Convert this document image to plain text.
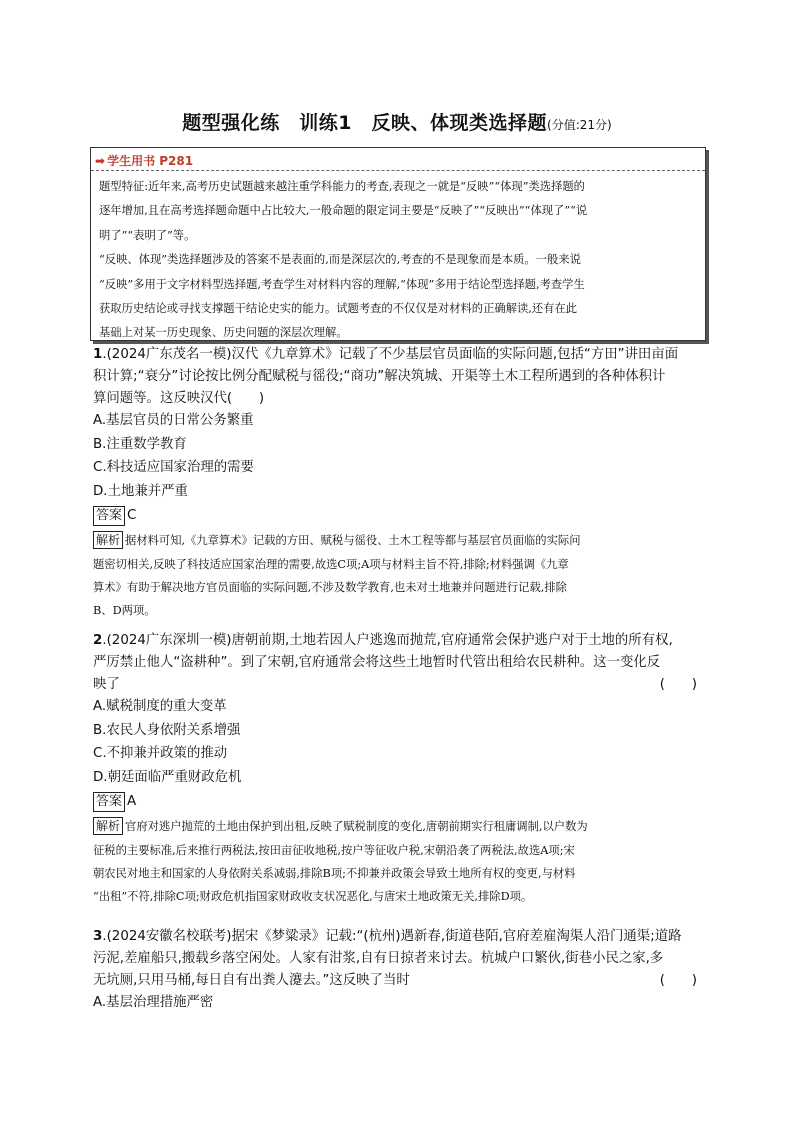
题型强化练　训练1　反映、体现类选择题(分值:21分)
➡ 学生用书 P281

题型特征:近年来,高考历史试题越来越注重学科能力的考查,表现之一就是“反映”“体现”类选择题的

逐年增加,且在高考选择题命题中占比较大,一般命题的限定词主要是“反映了”“反映出”“体现了”“说

明了”“表明了”等。

“反映、体现”类选择题涉及的答案不是表面的,而是深层次的,考查的不是现象而是本质。一般来说

“反映”多用于文字材料型选择题,考查学生对材料内容的理解,“体现”多用于结论型选择题,考查学生

获取历史结论或寻找支撑题干结论史实的能力。试题考查的不仅仅是对材料的正确解读,还有在此

基础上对某一历史现象、历史问题的深层次理解。

1.(2024广东茂名一模)汉代《九章算术》记载了不少基层官员面临的实际问题,包括“方田”讲田亩面

积计算;“衰分”讨论按比例分配赋税与徭役;“商功”解决筑城、开渠等土木工程所遇到的各种体积计

算问题等。这反映汉代(　　)

A.基层官员的日常公务繁重

B.注重数学教育

C.科技适应国家治理的需要

D.土地兼并严重

答案 C

解析 据材料可知,《九章算术》记载的方田、赋税与徭役、土木工程等都与基层官员面临的实际问

题密切相关,反映了科技适应国家治理的需要,故选C项;A项与材料主旨不符,排除;材料强调《九章

算术》有助于解决地方官员面临的实际问题,不涉及数学教育,也未对土地兼并问题进行记载,排除

B、D两项。

2.(2024广东深圳一模)唐朝前期,土地若因人户逃逸而抛荒,官府通常会保护逃户对于土地的所有权,

严厉禁止他人“盗耕种”。到了宋朝,官府通常会将这些土地暂时代管出租给农民耕种。这一变化反

映了	(　　)

A.赋税制度的重大变革

B.农民人身依附关系增强

C.不抑兼并政策的推动

D.朝廷面临严重财政危机

答案 A

解析 官府对逃户抛荒的土地由保护到出租,反映了赋税制度的变化,唐朝前期实行租庸调制,以户数为

征税的主要标准,后来推行两税法,按田亩征收地税,按户等征收户税,宋朝沿袭了两税法,故选A项;宋

朝农民对地主和国家的人身依附关系减弱,排除B项;不抑兼并政策会导致土地所有权的变更,与材料

“出租”不符,排除C项;财政危机指国家财政收支状况恶化,与唐宋土地政策无关,排除D项。

3.(2024安徽名校联考)据宋《梦粱录》记载:“(杭州)遇新春,街道巷陌,官府差雇淘渠人沿门通渠;道路

污泥,差雇船只,搬载乡落空闲处。人家有泔浆,自有日掠者来讨去。杭城户口繁伙,街巷小民之家,多

无坑厕,只用马桶,每日自有出粪人瀽去。”这反映了当时	(　　)

A.基层治理措施严密
